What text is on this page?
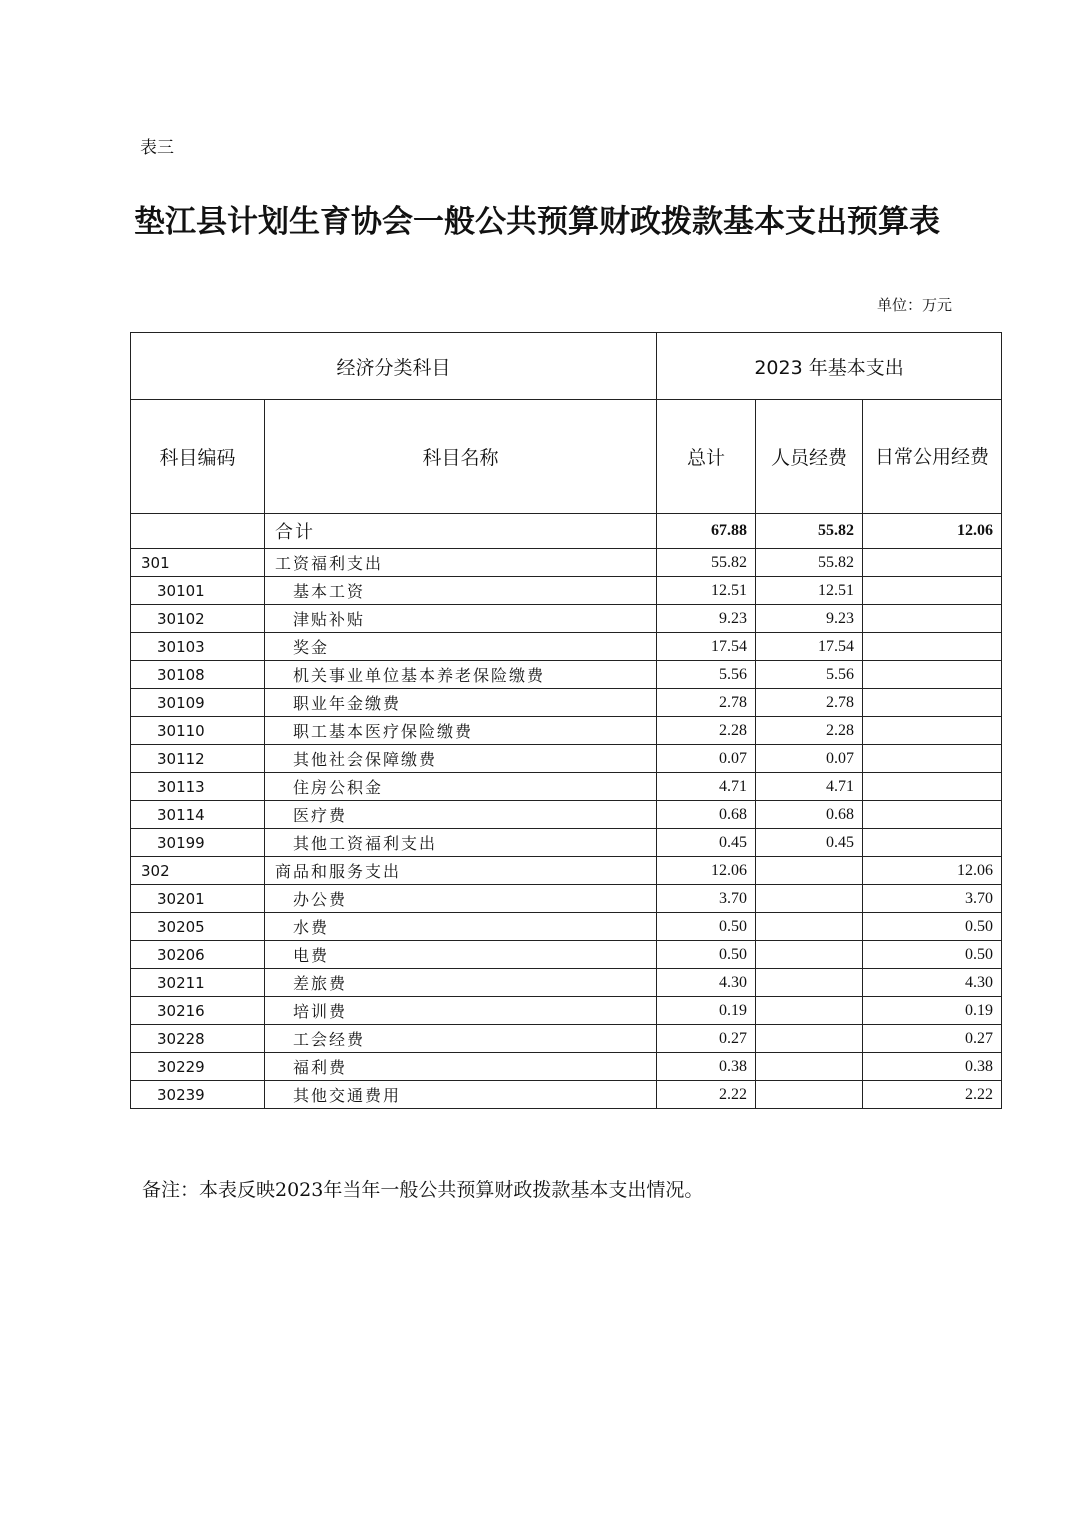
表三
垫江县计划生育协会一般公共预算财政拨款基本支出预算表
单位：万元
经济分类科目		2023 年基本支出		
科目编码	科目名称	总计	人员经费	日常公用经费
	合计	67.88	55.82	12.06
301	工资福利支出	55.82	55.82	
30101	基本工资	12.51	12.51	
30102	津贴补贴	9.23	9.23	
30103	奖金	17.54	17.54	
30108	机关事业单位基本养老保险缴费	5.56	5.56	
30109	职业年金缴费	2.78	2.78	
30110	职工基本医疗保险缴费	2.28	2.28	
30112	其他社会保障缴费	0.07	0.07	
30113	住房公积金	4.71	4.71	
30114	医疗费	0.68	0.68	
30199	其他工资福利支出	0.45	0.45	
302	商品和服务支出	12.06		12.06
30201	办公费	3.70		3.70
30205	水费	0.50		0.50
30206	电费	0.50		0.50
30211	差旅费	4.30		4.30
30216	培训费	0.19		0.19
30228	工会经费	0.27		0.27
30229	福利费	0.38		0.38
30239	其他交通费用	2.22		2.22
备注：本表反映2023年当年一般公共预算财政拨款基本支出情况。
